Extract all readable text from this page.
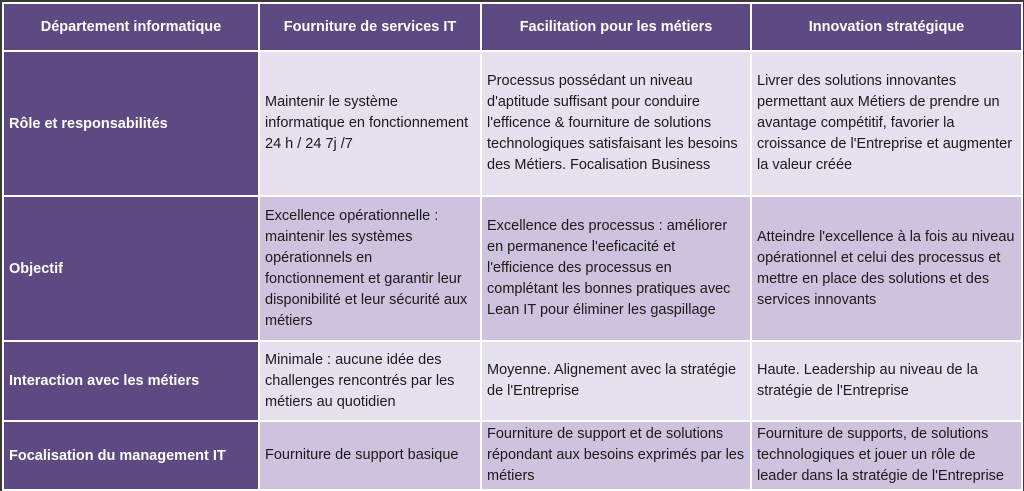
Département informatique	Fourniture de services IT	Facilitation pour les métiers	Innovation stratégique
Rôle et responsabilités	Maintenir le système informatique en fonctionnement 24 h / 24 7j /7	Processus possédant un niveau d'aptitude suffisant pour conduire l'efficence & fourniture de solutions technologiques satisfaisant les besoins des Métiers. Focalisation Business	Livrer des solutions innovantes permettant aux Métiers de prendre un avantage compétitif, favorier la croissance de l'Entreprise et augmenter la valeur créée
Objectif	Excellence opérationnelle : maintenir les systèmes opérationnels en fonctionnement et garantir leur disponibilité et leur sécurité aux métiers	Excellence des processus : améliorer en permanence l'eeficacité et l'efficience des processus en complétant les bonnes pratiques avec Lean IT pour éliminer les gaspillage	Atteindre l'excellence à la fois au niveau opérationnel et celui des processus et mettre en place des solutions et des services innovants
Interaction avec les métiers	Minimale : aucune idée des challenges rencontrés par les métiers au quotidien	Moyenne. Alignement avec la stratégie de l'Entreprise	Haute. Leadership au niveau de la stratégie de l'Entreprise
Focalisation du management IT	Fourniture de support basique	Fourniture de support et de solutions répondant aux besoins exprimés par les métiers	Fourniture de supports, de solutions technologiques et jouer un rôle de leader dans la stratégie de l'Entreprise
